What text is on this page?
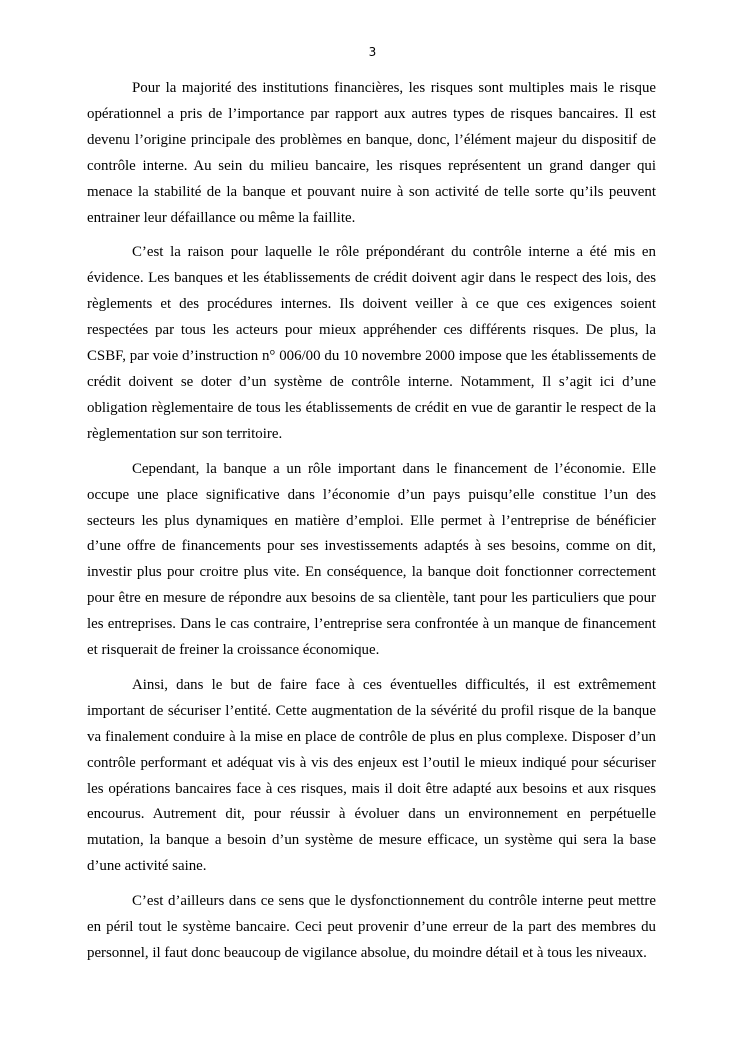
3

Pour la majorité des institutions financières, les risques sont multiples mais le risque opérationnel a pris de l’importance par rapport aux autres types de risques bancaires. Il est devenu l’origine principale des problèmes en banque, donc, l’élément majeur du dispositif de contrôle interne. Au sein du milieu bancaire, les risques représentent un grand danger qui menace la stabilité de la banque et pouvant nuire à son activité de telle sorte qu’ils peuvent entrainer leur défaillance ou même la faillite.

C’est la raison pour laquelle le rôle prépondérant du contrôle interne a été mis en évidence. Les banques et les établissements de crédit doivent agir dans le respect des lois, des règlements et des procédures internes. Ils doivent veiller à ce que ces exigences soient respectées par tous les acteurs pour mieux appréhender ces différents risques. De plus, la CSBF, par voie d’instruction n° 006/00 du 10 novembre 2000 impose que les établissements de crédit doivent se doter d’un système de contrôle interne. Notamment, Il s’agit ici d’une obligation règlementaire de tous les établissements de crédit en vue de garantir le respect de la règlementation sur son territoire.

Cependant, la banque a un rôle important dans le financement de l’économie. Elle occupe une place significative dans l’économie d’un pays puisqu’elle constitue l’un des secteurs les plus dynamiques en matière d’emploi. Elle permet à l’entreprise de bénéficier d’une offre de financements pour ses investissements adaptés à ses besoins, comme on dit, investir plus pour croitre plus vite. En conséquence, la banque doit fonctionner correctement pour être en mesure de répondre aux besoins de sa clientèle, tant pour les particuliers que pour les entreprises. Dans le cas contraire, l’entreprise sera confrontée à un manque de financement et risquerait de freiner la croissance économique.

Ainsi, dans le but de faire face à ces éventuelles difficultés, il est extrêmement important de sécuriser l’entité. Cette augmentation de la sévérité du profil risque de la banque va finalement conduire à la mise en place de contrôle de plus en plus complexe. Disposer d’un contrôle performant et adéquat vis à vis des enjeux est l’outil le mieux indiqué pour sécuriser les opérations bancaires face à ces risques, mais il doit être adapté aux besoins et aux risques encourus. Autrement dit, pour réussir à évoluer dans un environnement en perpétuelle mutation, la banque a besoin d’un système de mesure efficace, un système qui sera la base d’une activité saine.

C’est d’ailleurs dans ce sens que le dysfonctionnement du contrôle interne peut mettre en péril tout le système bancaire. Ceci peut provenir d’une erreur de la part des membres du personnel, il faut donc beaucoup de vigilance absolue, du moindre détail et à tous les niveaux.
